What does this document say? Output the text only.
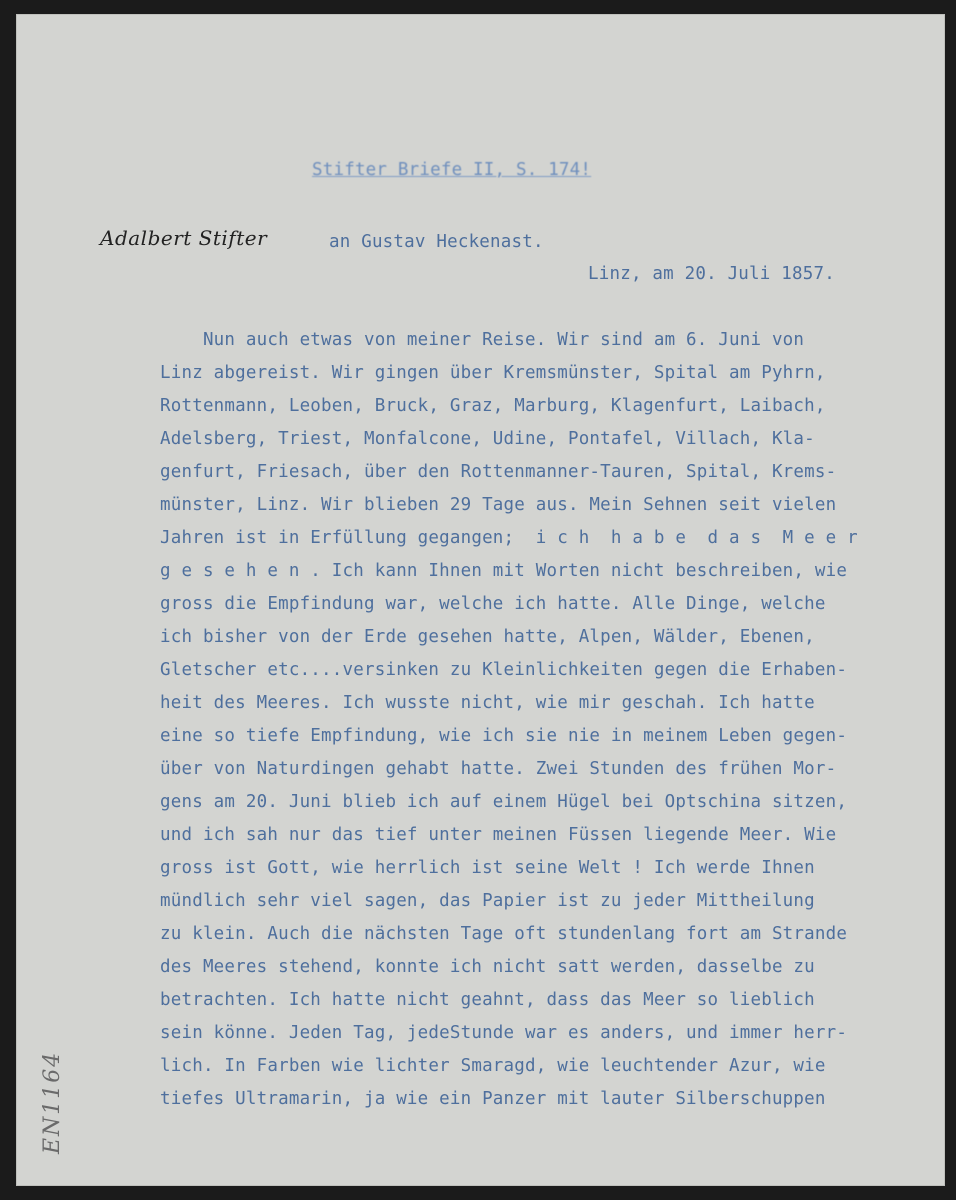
Stifter Briefe II, S. 174!
Adalbert Stifter	an Gustav Heckenast.
Linz, am 20. Juli 1857.

Nun auch etwas von meiner Reise. Wir sind am 6. Juni von

Linz abgereist. Wir gingen über Kremsmünster, Spital am Pyhrn,

Rottenmann, Leoben, Bruck, Graz, Marburg, Klagenfurt, Laibach,

Adelsberg, Triest, Monfalcone, Udine, Pontafel, Villach, Kla-

genfurt, Friesach, über den Rottenmanner-Tauren, Spital, Krems-

münster, Linz. Wir blieben 29 Tage aus. Mein Sehnen seit vielen

Jahren ist in Erfüllung gegangen;  i c h  h a b e  d a s  M e e r

g e s e h e n . Ich kann Ihnen mit Worten nicht beschreiben, wie

gross die Empfindung war, welche ich hatte. Alle Dinge, welche

ich bisher von der Erde gesehen hatte, Alpen, Wälder, Ebenen,

Gletscher etc....versinken zu Kleinlichkeiten gegen die Erhaben-

heit des Meeres. Ich wusste nicht, wie mir geschah. Ich hatte

eine so tiefe Empfindung, wie ich sie nie in meinem Leben gegen-

über von Naturdingen gehabt hatte. Zwei Stunden des frühen Mor-

gens am 20. Juni blieb ich auf einem Hügel bei Optschina sitzen,

und ich sah nur das tief unter meinen Füssen liegende Meer. Wie

gross ist Gott, wie herrlich ist seine Welt ! Ich werde Ihnen

mündlich sehr viel sagen, das Papier ist zu jeder Mittheilung

zu klein. Auch die nächsten Tage oft stundenlang fort am Strande

des Meeres stehend, konnte ich nicht satt werden, dasselbe zu

betrachten. Ich hatte nicht geahnt, dass das Meer so lieblich

sein könne. Jeden Tag, jedeStunde war es anders, und immer herr-

lich. In Farben wie lichter Smaragd, wie leuchtender Azur, wie

tiefes Ultramarin, ja wie ein Panzer mit lauter Silberschuppen

EN1164
